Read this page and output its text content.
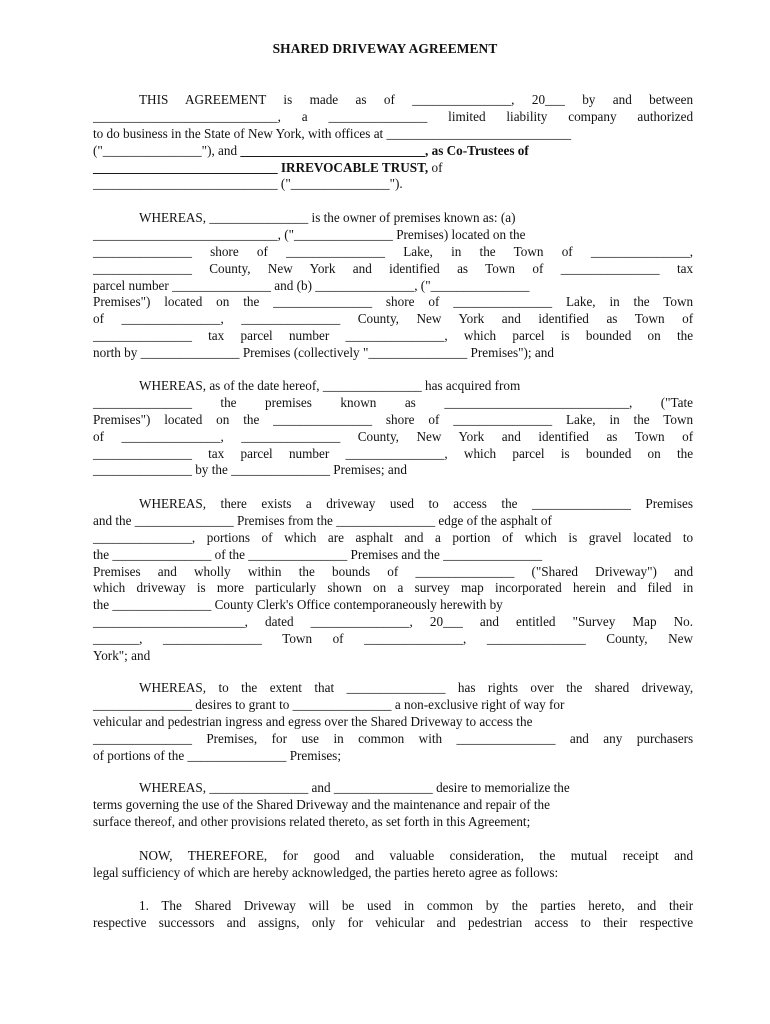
SHARED DRIVEWAY AGREEMENT
THIS AGREEMENT is made as of _______________, 20___ by and between
____________________________, a _______________ limited liability company authorized
to do business in the State of New York, with offices at ____________________________
("_______________"), and ____________________________, as Co-Trustees of
____________________________ IRREVOCABLE TRUST, of
____________________________ ("_______________").
WHEREAS, _______________ is the owner of premises known as: (a)
____________________________, ("_______________ Premises) located on the
_______________ shore of _______________ Lake, in the Town of _______________,
_______________ County, New York and identified as Town of _______________ tax
parcel number _______________ and (b) _______________, ("_______________
Premises") located on the _______________ shore of _______________ Lake, in the Town
of _______________, _______________ County, New York and identified as Town of
_______________ tax parcel number _______________, which parcel is bounded on the
north by _______________ Premises (collectively "_______________ Premises"); and
WHEREAS, as of the date hereof, _______________ has acquired from
_______________ the premises known as ____________________________, ("Tate
Premises") located on the _______________ shore of _______________ Lake, in the Town
of _______________, _______________ County, New York and identified as Town of
_______________ tax parcel number _______________, which parcel is bounded on the
_______________ by the _______________ Premises; and
WHEREAS, there exists a driveway used to access the _______________ Premises
and the _______________ Premises from the _______________ edge of the asphalt of
_______________, portions of which are asphalt and a portion of which is gravel located to
the _______________ of the _______________ Premises and the _______________
Premises and wholly within the bounds of _______________ ("Shared Driveway") and
which driveway is more particularly shown on a survey map incorporated herein and filed in
the _______________ County Clerk's Office contemporaneously herewith by
_______________________, dated _______________, 20___ and entitled "Survey Map No.
_______, _______________ Town of _______________, _______________ County, New
York"; and
WHEREAS, to the extent that _______________ has rights over the shared driveway,
_______________ desires to grant to _______________ a non-exclusive right of way for
vehicular and pedestrian ingress and egress over the Shared Driveway to access the
_______________ Premises, for use in common with _______________ and any purchasers
of portions of the _______________ Premises;
WHEREAS, _______________ and _______________ desire to memorialize the
terms governing the use of the Shared Driveway and the maintenance and repair of the
surface thereof, and other provisions related thereto, as set forth in this Agreement;
NOW, THEREFORE, for good and valuable consideration, the mutual receipt and
legal sufficiency of which are hereby acknowledged, the parties hereto agree as follows:
1. The Shared Driveway will be used in common by the parties hereto, and their
respective successors and assigns, only for vehicular and pedestrian access to their respective
